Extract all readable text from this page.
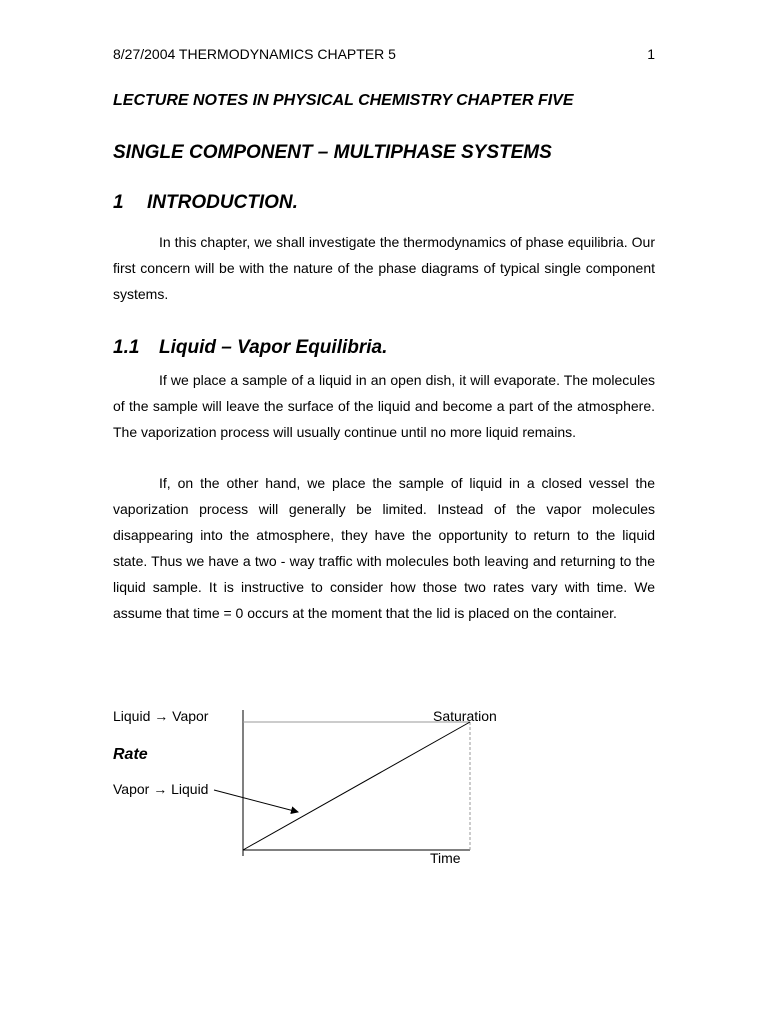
8/27/2004 THERMODYNAMICS CHAPTER 5	1
LECTURE NOTES IN PHYSICAL CHEMISTRY CHAPTER FIVE
SINGLE COMPONENT – MULTIPHASE SYSTEMS
1 INTRODUCTION.

In this chapter, we shall investigate the thermodynamics of phase equilibria. Our first concern will be with the nature of the phase diagrams of typical single component systems.

1.1 Liquid – Vapor Equilibria.

If we place a sample of a liquid in an open dish, it will evaporate. The molecules of the sample will leave the surface of the liquid and become a part of the atmosphere. The vaporization process will usually continue until no more liquid remains.

If, on the other hand, we place the sample of liquid in a closed vessel the vaporization process will generally be limited. Instead of the vapor molecules disappearing into the atmosphere, they have the opportunity to return to the liquid state. Thus we have a two - way traffic with molecules both leaving and returning to the liquid sample. It is instructive to consider how those two rates vary with time. We assume that time = 0 occurs at the moment that the lid is placed on the container.

Liquid → Vapor
Rate
Vapor → Liquid
Saturation
Time
